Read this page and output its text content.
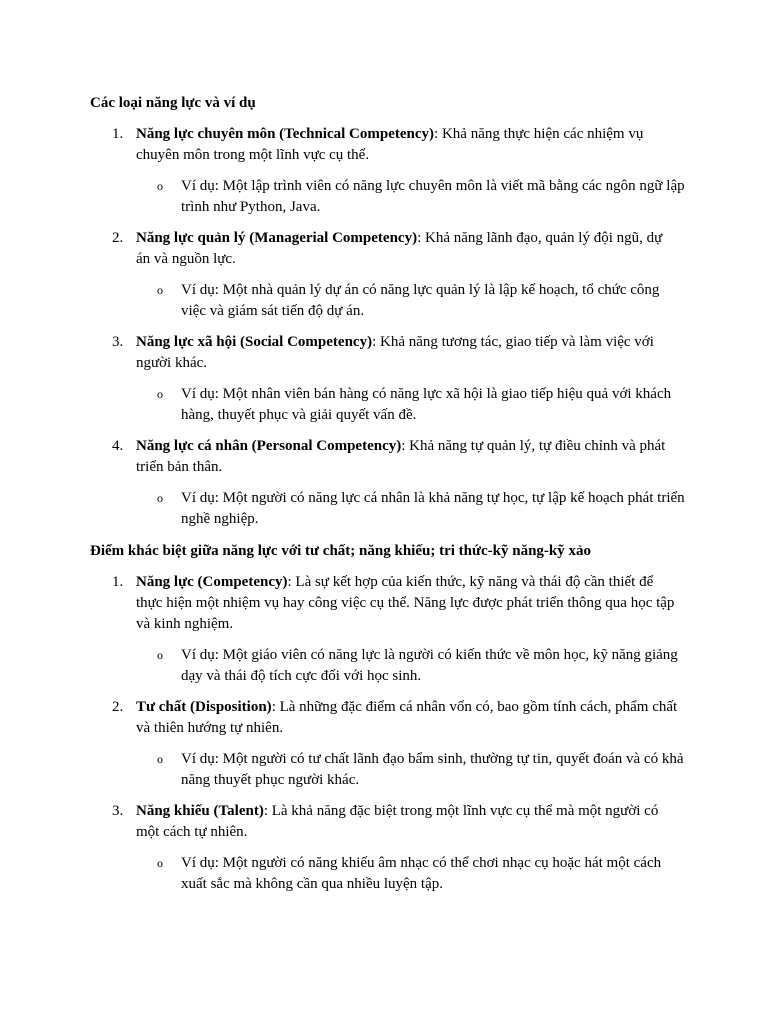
Các loại năng lực và ví dụ
1. Năng lực chuyên môn (Technical Competency): Khả năng thực hiện các nhiệm vụ chuyên môn trong một lĩnh vực cụ thể.
o Ví dụ: Một lập trình viên có năng lực chuyên môn là viết mã bằng các ngôn ngữ lập trình như Python, Java.
2. Năng lực quản lý (Managerial Competency): Khả năng lãnh đạo, quản lý đội ngũ, dự án và nguồn lực.
o Ví dụ: Một nhà quản lý dự án có năng lực quản lý là lập kế hoạch, tổ chức công việc và giám sát tiến độ dự án.
3. Năng lực xã hội (Social Competency): Khả năng tương tác, giao tiếp và làm việc với người khác.
o Ví dụ: Một nhân viên bán hàng có năng lực xã hội là giao tiếp hiệu quả với khách hàng, thuyết phục và giải quyết vấn đề.
4. Năng lực cá nhân (Personal Competency): Khả năng tự quản lý, tự điều chỉnh và phát triển bản thân.
o Ví dụ: Một người có năng lực cá nhân là khả năng tự học, tự lập kế hoạch phát triển nghề nghiệp.
Điểm khác biệt giữa năng lực với tư chất; năng khiếu; tri thức-kỹ năng-kỹ xảo
1. Năng lực (Competency): Là sự kết hợp của kiến thức, kỹ năng và thái độ cần thiết để thực hiện một nhiệm vụ hay công việc cụ thể. Năng lực được phát triển thông qua học tập và kinh nghiệm.
o Ví dụ: Một giáo viên có năng lực là người có kiến thức về môn học, kỹ năng giảng dạy và thái độ tích cực đối với học sinh.
2. Tư chất (Disposition): Là những đặc điểm cá nhân vốn có, bao gồm tính cách, phẩm chất và thiên hướng tự nhiên.
o Ví dụ: Một người có tư chất lãnh đạo bẩm sinh, thường tự tin, quyết đoán và có khả năng thuyết phục người khác.
3. Năng khiếu (Talent): Là khả năng đặc biệt trong một lĩnh vực cụ thể mà một người có một cách tự nhiên.
o Ví dụ: Một người có năng khiếu âm nhạc có thể chơi nhạc cụ hoặc hát một cách xuất sắc mà không cần qua nhiều luyện tập.
